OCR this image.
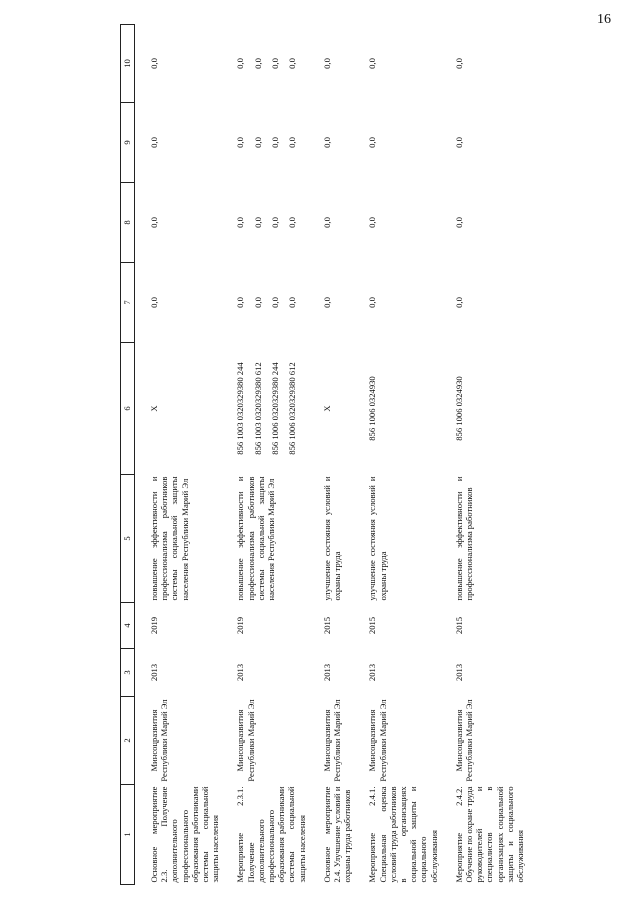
16
1	2	3	4	5	6	7	8	9	10
Основное мероприятие 2.3. Получение дополнительного профессионального образования работниками системы социальной защиты населения	Минсоцразвития Республики Марий Эл	2013	2019	повышение эффективности и профессионализма работников системы социальной защиты населения Республики Марий Эл	X	0,0	0,0	0,0	0,0

Мероприятие 2.3.1. Получение дополнительного профессионального образования работниками системы социальной защиты населения	Минсоцразвития Республики Марий Эл	2013	2019	повышение эффективности и профессионализма работников системы социальной защиты населения Республики Марий Эл	856 1003 0320329380 244 856 1003 0320329380 612 856 1006 0320329380 244 856 1006 0320329380 612	0,0 0,0 0,0 0,0	0,0 0,0 0,0 0,0	0,0 0,0 0,0 0,0	0,0 0,0 0,0 0,0

Основное мероприятие 2.4. Улучшение условий и охраны труда работников	Минсоцразвития Республики Марий Эл	2013	2015	улучшение состояния условий и охраны труда	X	0,0	0,0	0,0	0,0

Мероприятие 2.4.1. Специальная оценка условий труда работников в организациях социальной защиты и социального обслуживания	Минсоцразвития Республики Марий Эл	2013	2015	улучшение состояния условий и охраны труда	856 1006 0324930	0,0	0,0	0,0	0,0

Мероприятие 2.4.2. Обучение по охране труда руководителей и специалистов в организациях социальной защиты и социального обслуживания	Минсоцразвития Республики Марий Эл	2013	2015	повышение эффективности и профессионализма работников	856 1006 0324930	0,0	0,0	0,0	0,0
